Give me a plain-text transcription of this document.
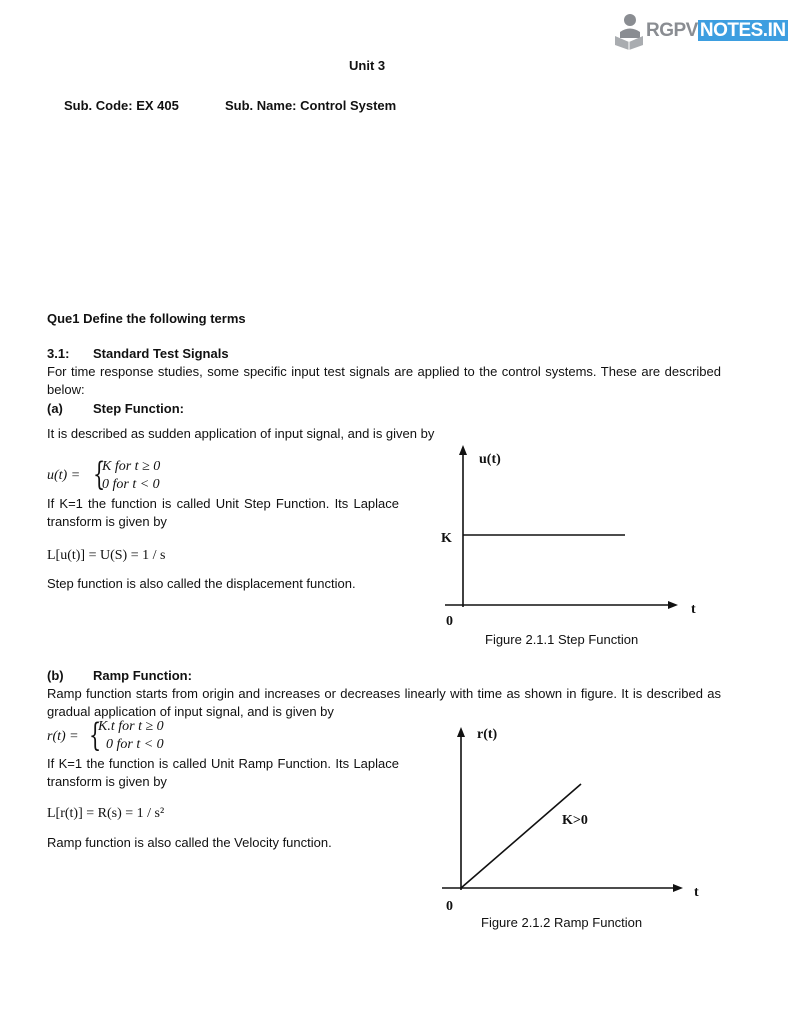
RGPV NOTES.IN
Unit 3
Sub. Code: EX 405	Sub. Name: Control System
Que1 Define the following terms
3.1: Standard Test Signals
For time response studies, some specific input test signals are applied to the control systems. These are described below:
(a) Step Function:
It is described as sudden application of input signal, and is given by
u(t) = {
K for t ≥ 0
0 for t < 0
If K=1 the function is called Unit Step Function. Its Laplace transform is given by
L[u(t)] = U(S) = 1 / s
Step function is also called the displacement function.
u(t)
K
t
0
Figure 2.1.1 Step Function
(b) Ramp Function:
Ramp function starts from origin and increases or decreases linearly with time as shown in figure. It is described as gradual application of input signal, and is given by
r(t) = {
K.t for t ≥ 0
0 for t < 0
If K=1 the function is called Unit Ramp Function. Its Laplace transform is given by
L[r(t)] = R(s) = 1 / s²
Ramp function is also called the Velocity function.
r(t)
K>0
t
0
Figure 2.1.2 Ramp Function
